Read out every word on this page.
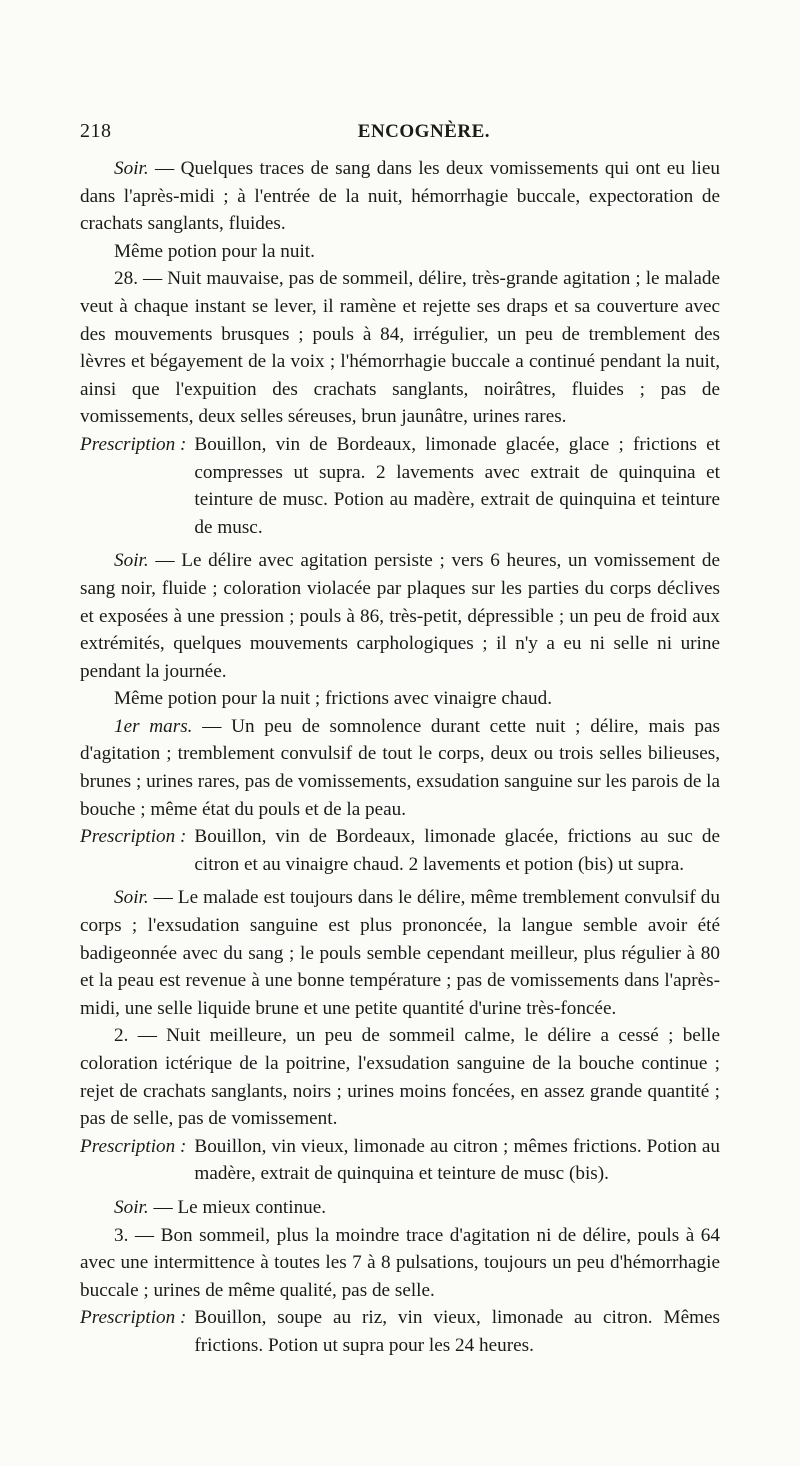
218	ENCOGNÈRE.

Soir. — Quelques traces de sang dans les deux vomissements qui ont eu lieu dans l'après-midi ; à l'entrée de la nuit, hémorrhagie buccale, expectoration de crachats sanglants, fluides.

Même potion pour la nuit.

28. — Nuit mauvaise, pas de sommeil, délire, très-grande agitation ; le malade veut à chaque instant se lever, il ramène et rejette ses draps et sa couverture avec des mouvements brusques ; pouls à 84, irrégulier, un peu de tremblement des lèvres et bégayement de la voix ; l'hémorrhagie buccale a continué pendant la nuit, ainsi que l'expuition des crachats sanglants, noirâtres, fluides ; pas de vomissements, deux selles séreuses, brun jaunâtre, urines rares.

Prescription : Bouillon, vin de Bordeaux, limonade glacée, glace ; frictions et compresses ut supra. 2 lavements avec extrait de quinquina et teinture de musc. Potion au madère, extrait de quinquina et teinture de musc.

Soir. — Le délire avec agitation persiste ; vers 6 heures, un vomissement de sang noir, fluide ; coloration violacée par plaques sur les parties du corps déclives et exposées à une pression ; pouls à 86, très-petit, dépressible ; un peu de froid aux extrémités, quelques mouvements carphologiques ; il n'y a eu ni selle ni urine pendant la journée.

Même potion pour la nuit ; frictions avec vinaigre chaud.

1er mars. — Un peu de somnolence durant cette nuit ; délire, mais pas d'agitation ; tremblement convulsif de tout le corps, deux ou trois selles bilieuses, brunes ; urines rares, pas de vomissements, exsudation sanguine sur les parois de la bouche ; même état du pouls et de la peau.

Prescription : Bouillon, vin de Bordeaux, limonade glacée, frictions au suc de citron et au vinaigre chaud. 2 lavements et potion (bis) ut supra.

Soir. — Le malade est toujours dans le délire, même tremblement convulsif du corps ; l'exsudation sanguine est plus prononcée, la langue semble avoir été badigeonnée avec du sang ; le pouls semble cependant meilleur, plus régulier à 80 et la peau est revenue à une bonne température ; pas de vomissements dans l'après-midi, une selle liquide brune et une petite quantité d'urine très-foncée.

2. — Nuit meilleure, un peu de sommeil calme, le délire a cessé ; belle coloration ictérique de la poitrine, l'exsudation sanguine de la bouche continue ; rejet de crachats sanglants, noirs ; urines moins foncées, en assez grande quantité ; pas de selle, pas de vomissement.

Prescription : Bouillon, vin vieux, limonade au citron ; mêmes frictions. Potion au madère, extrait de quinquina et teinture de musc (bis).

Soir. — Le mieux continue.

3. — Bon sommeil, plus la moindre trace d'agitation ni de délire, pouls à 64 avec une intermittence à toutes les 7 à 8 pulsations, toujours un peu d'hémorrhagie buccale ; urines de même qualité, pas de selle.

Prescription : Bouillon, soupe au riz, vin vieux, limonade au citron. Mêmes frictions. Potion ut supra pour les 24 heures.
